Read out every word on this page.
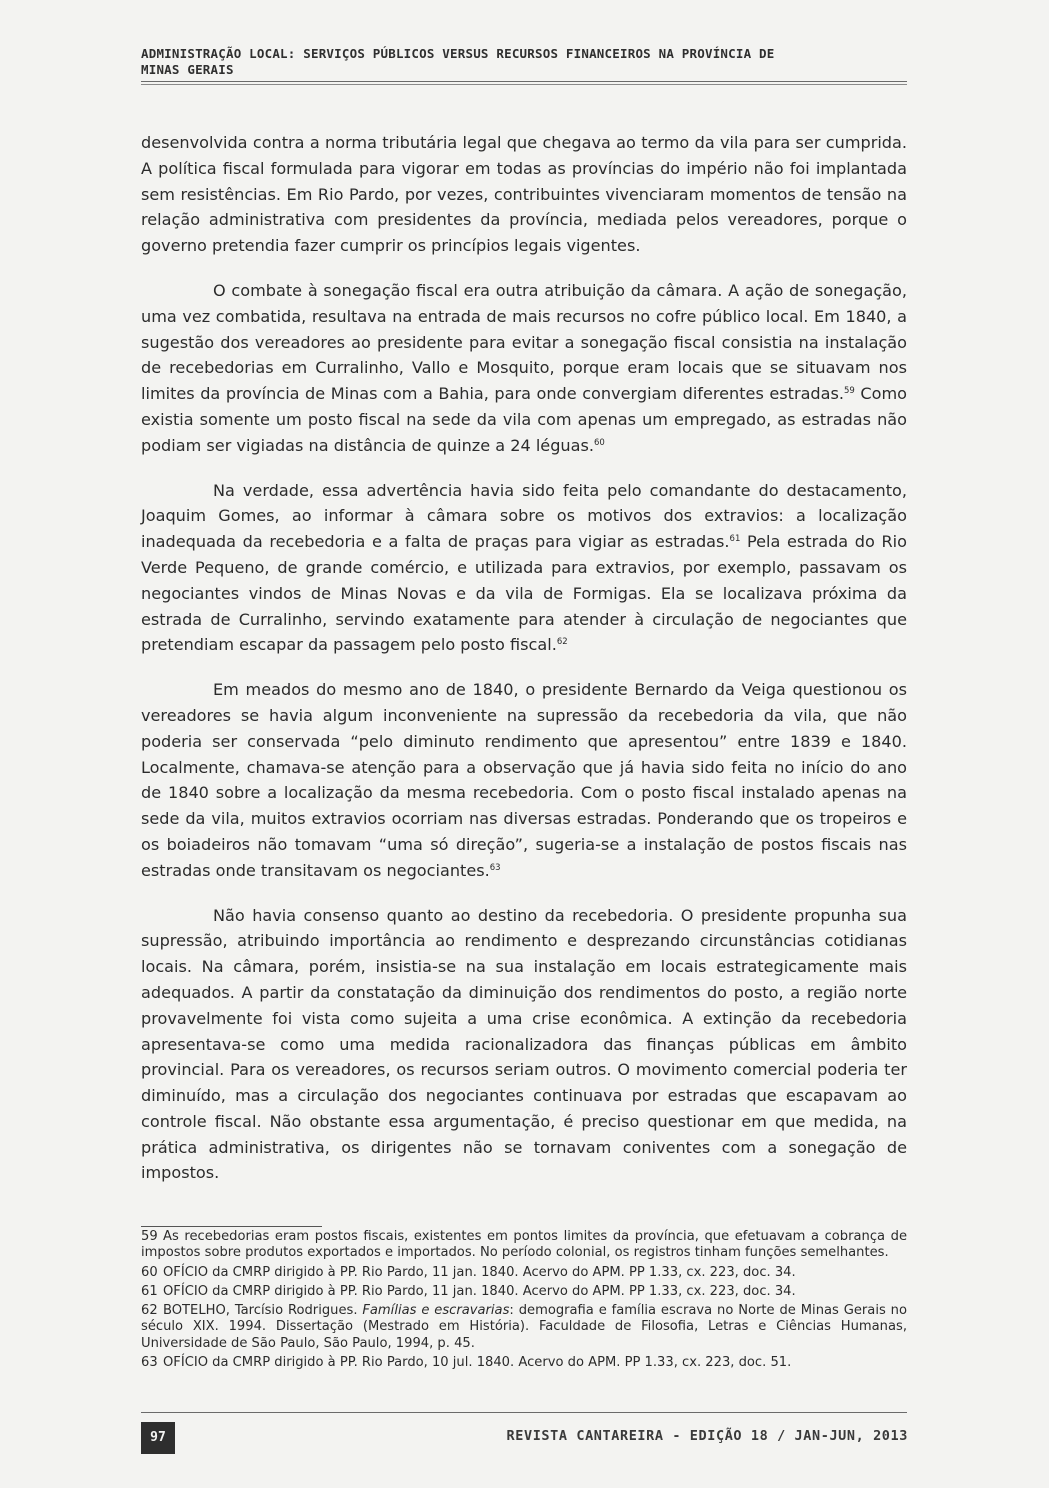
ADMINISTRAÇÃO LOCAL: SERVIÇOS PÚBLICOS VERSUS RECURSOS FINANCEIROS NA PROVÍNCIA DE
MINAS GERAIS

desenvolvida contra a norma tributária legal que chegava ao termo da vila para ser cumprida. A política fiscal formulada para vigorar em todas as províncias do império não foi implantada sem resistências. Em Rio Pardo, por vezes, contribuintes vivenciaram momentos de tensão na relação administrativa com presidentes da província, mediada pelos vereadores, porque o governo pretendia fazer cumprir os princípios legais vigentes.

O combate à sonegação fiscal era outra atribuição da câmara. A ação de sonegação, uma vez combatida, resultava na entrada de mais recursos no cofre público local. Em 1840, a sugestão dos vereadores ao presidente para evitar a sonegação fiscal consistia na instalação de recebedorias em Curralinho, Vallo e Mosquito, porque eram locais que se situavam nos limites da província de Minas com a Bahia, para onde convergiam diferentes estradas.$^{59}$ Como existia somente um posto fiscal na sede da vila com apenas um empregado, as estradas não podiam ser vigiadas na distância de quinze a 24 léguas.$^{60}$

Na verdade, essa advertência havia sido feita pelo comandante do destacamento, Joaquim Gomes, ao informar à câmara sobre os motivos dos extravios: a localização inadequada da recebedoria e a falta de praças para vigiar as estradas.$^{61}$ Pela estrada do Rio Verde Pequeno, de grande comércio, e utilizada para extravios, por exemplo, passavam os negociantes vindos de Minas Novas e da vila de Formigas. Ela se localizava próxima da estrada de Curralinho, servindo exatamente para atender à circulação de negociantes que pretendiam escapar da passagem pelo posto fiscal.$^{62}$

Em meados do mesmo ano de 1840, o presidente Bernardo da Veiga questionou os vereadores se havia algum inconveniente na supressão da recebedoria da vila, que não poderia ser conservada “pelo diminuto rendimento que apresentou” entre 1839 e 1840. Localmente, chamava-se atenção para a observação que já havia sido feita no início do ano de 1840 sobre a localização da mesma recebedoria. Com o posto fiscal instalado apenas na sede da vila, muitos extravios ocorriam nas diversas estradas. Ponderando que os tropeiros e os boiadeiros não tomavam “uma só direção”, sugeria-se a instalação de postos fiscais nas estradas onde transitavam os negociantes.$^{63}$

Não havia consenso quanto ao destino da recebedoria. O presidente propunha sua supressão, atribuindo importância ao rendimento e desprezando circunstâncias cotidianas locais. Na câmara, porém, insistia-se na sua instalação em locais estrategicamente mais adequados. A partir da constatação da diminuição dos rendimentos do posto, a região norte provavelmente foi vista como sujeita a uma crise econômica. A extinção da recebedoria apresentava-se como uma medida racionalizadora das finanças públicas em âmbito provincial. Para os vereadores, os recursos seriam outros. O movimento comercial poderia ter diminuído, mas a circulação dos negociantes continuava por estradas que escapavam ao controle fiscal. Não obstante essa argumentação, é preciso questionar em que medida, na prática administrativa, os dirigentes não se tornavam coniventes com a sonegação de impostos.

59 As recebedorias eram postos fiscais, existentes em pontos limites da província, que efetuavam a cobrança de impostos sobre produtos exportados e importados. No período colonial, os registros tinham funções semelhantes.

60 OFÍCIO da CMRP dirigido à PP. Rio Pardo, 11 jan. 1840. Acervo do APM. PP 1.33, cx. 223, doc. 34.

61 OFÍCIO da CMRP dirigido à PP. Rio Pardo, 11 jan. 1840. Acervo do APM. PP 1.33, cx. 223, doc. 34.

62 BOTELHO, Tarcísio Rodrigues. Famílias e escravarias: demografia e família escrava no Norte de Minas Gerais no século XIX. 1994. Dissertação (Mestrado em História). Faculdade de Filosofia, Letras e Ciências Humanas, Universidade de São Paulo, São Paulo, 1994, p. 45.

63 OFÍCIO da CMRP dirigido à PP. Rio Pardo, 10 jul. 1840. Acervo do APM. PP 1.33, cx. 223, doc. 51.

97	REVISTA CANTAREIRA - EDIÇÃO 18 / JAN-JUN, 2013
